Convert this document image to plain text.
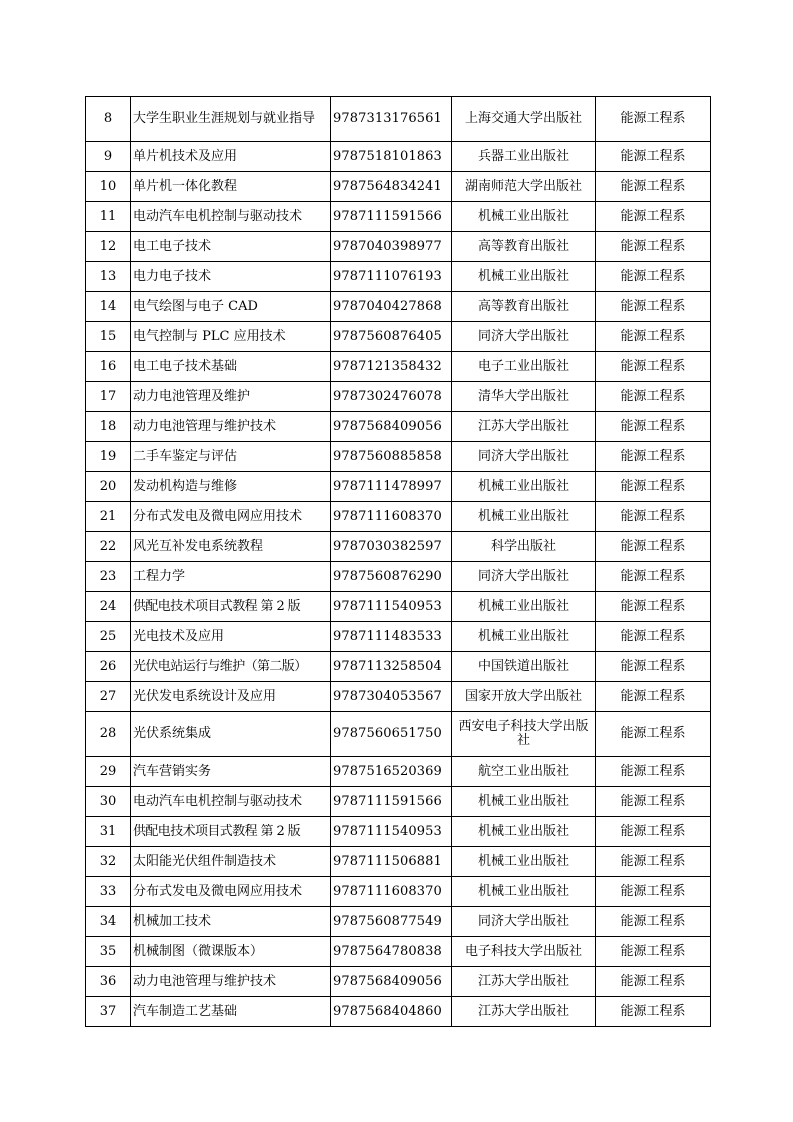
8	大学生职业生涯规划与就业指导	9787313176561	上海交通大学出版社	能源工程系
9	单片机技术及应用	9787518101863	兵器工业出版社	能源工程系
10	单片机一体化教程	9787564834241	湖南师范大学出版社	能源工程系
11	电动汽车电机控制与驱动技术	9787111591566	机械工业出版社	能源工程系
12	电工电子技术	9787040398977	高等教育出版社	能源工程系
13	电力电子技术	9787111076193	机械工业出版社	能源工程系
14	电气绘图与电子 CAD	9787040427868	高等教育出版社	能源工程系
15	电气控制与 PLC 应用技术	9787560876405	同济大学出版社	能源工程系
16	电工电子技术基础	9787121358432	电子工业出版社	能源工程系
17	动力电池管理及维护	9787302476078	清华大学出版社	能源工程系
18	动力电池管理与维护技术	9787568409056	江苏大学出版社	能源工程系
19	二手车鉴定与评估	9787560885858	同济大学出版社	能源工程系
20	发动机构造与维修	9787111478997	机械工业出版社	能源工程系
21	分布式发电及微电网应用技术	9787111608370	机械工业出版社	能源工程系
22	风光互补发电系统教程	9787030382597	科学出版社	能源工程系
23	工程力学	9787560876290	同济大学出版社	能源工程系
24	供配电技术项目式教程 第 2 版	9787111540953	机械工业出版社	能源工程系
25	光电技术及应用	9787111483533	机械工业出版社	能源工程系
26	光伏电站运行与维护（第二版）	9787113258504	中国铁道出版社	能源工程系
27	光伏发电系统设计及应用	9787304053567	国家开放大学出版社	能源工程系
28	光伏系统集成	9787560651750	西安电子科技大学出版社	能源工程系
29	汽车营销实务	9787516520369	航空工业出版社	能源工程系
30	电动汽车电机控制与驱动技术	9787111591566	机械工业出版社	能源工程系
31	供配电技术项目式教程 第 2 版	9787111540953	机械工业出版社	能源工程系
32	太阳能光伏组件制造技术	9787111506881	机械工业出版社	能源工程系
33	分布式发电及微电网应用技术	9787111608370	机械工业出版社	能源工程系
34	机械加工技术	9787560877549	同济大学出版社	能源工程系
35	机械制图（微课版本）	9787564780838	电子科技大学出版社	能源工程系
36	动力电池管理与维护技术	9787568409056	江苏大学出版社	能源工程系
37	汽车制造工艺基础	9787568404860	江苏大学出版社	能源工程系
